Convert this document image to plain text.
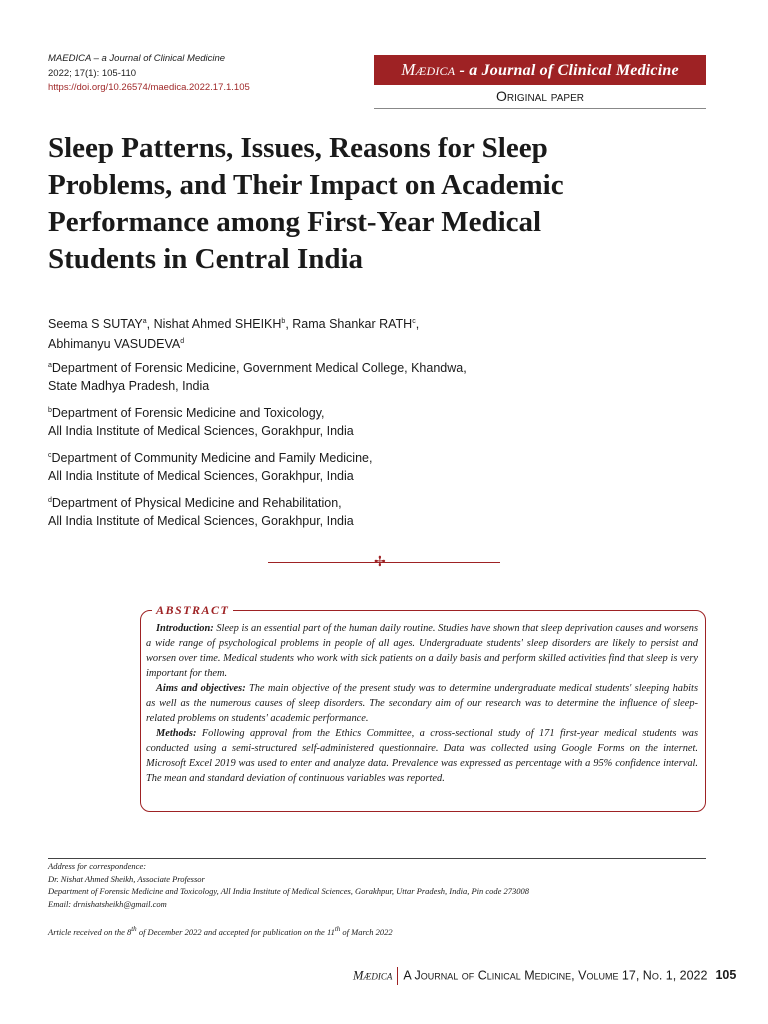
MAEDICA – a Journal of Clinical Medicine
2022; 17(1): 105-110
https://doi.org/10.26574/maedica.2022.17.1.105
Mædica - a Journal of Clinical Medicine
Original paper
Sleep Patterns, Issues, Reasons for Sleep Problems, and Their Impact on Academic Performance among First-Year Medical Students in Central India
Seema S SUTAY$^a$, Nishat Ahmed SHEIKH$^b$, Rama Shankar RATH$^c$,
Abhimanyu VASUDEVA$^d$
$^a$Department of Forensic Medicine, Government Medical College, Khandwa,
State Madhya Pradesh, India
$^b$Department of Forensic Medicine and Toxicology,
All India Institute of Medical Sciences, Gorakhpur, India
$^c$Department of Community Medicine and Family Medicine,
All India Institute of Medical Sciences, Gorakhpur, India
$^d$Department of Physical Medicine and Rehabilitation,
All India Institute of Medical Sciences, Gorakhpur, India
✢
ABSTRACT

Introduction: Sleep is an essential part of the human daily routine. Studies have shown that sleep deprivation causes and worsens a wide range of psychological problems in people of all ages. Undergraduate students' sleep disorders are likely to persist and worsen over time. Medical students who work with sick patients on a daily basis and perform skilled activities find that sleep is very important for them.

Aims and objectives: The main objective of the present study was to determine undergraduate medical students' sleeping habits as well as the numerous causes of sleep disorders. The secondary aim of our research was to determine the influence of sleep-related problems on students' academic performance.

Methods: Following approval from the Ethics Committee, a cross-sectional study of 171 first-year medical students was conducted using a semi-structured self-administered questionnaire. Data was collected using Google Forms on the internet. Microsoft Excel 2019 was used to enter and analyze data. Prevalence was expressed as percentage with a 95% confidence interval. The mean and standard deviation of continuous variables was reported.

Address for correspondence:
Dr. Nishat Ahmed Sheikh, Associate Professor
Department of Forensic Medicine and Toxicology, All India Institute of Medical Sciences, Gorakhpur, Uttar Pradesh, India, Pin code 273008
Email: drnishatsheikh@gmail.com
Article received on the 8th of December 2022 and accepted for publication on the 11th of March 2022
Mædica A Journal of Clinical Medicine, Volume 17, No. 1, 2022 105
